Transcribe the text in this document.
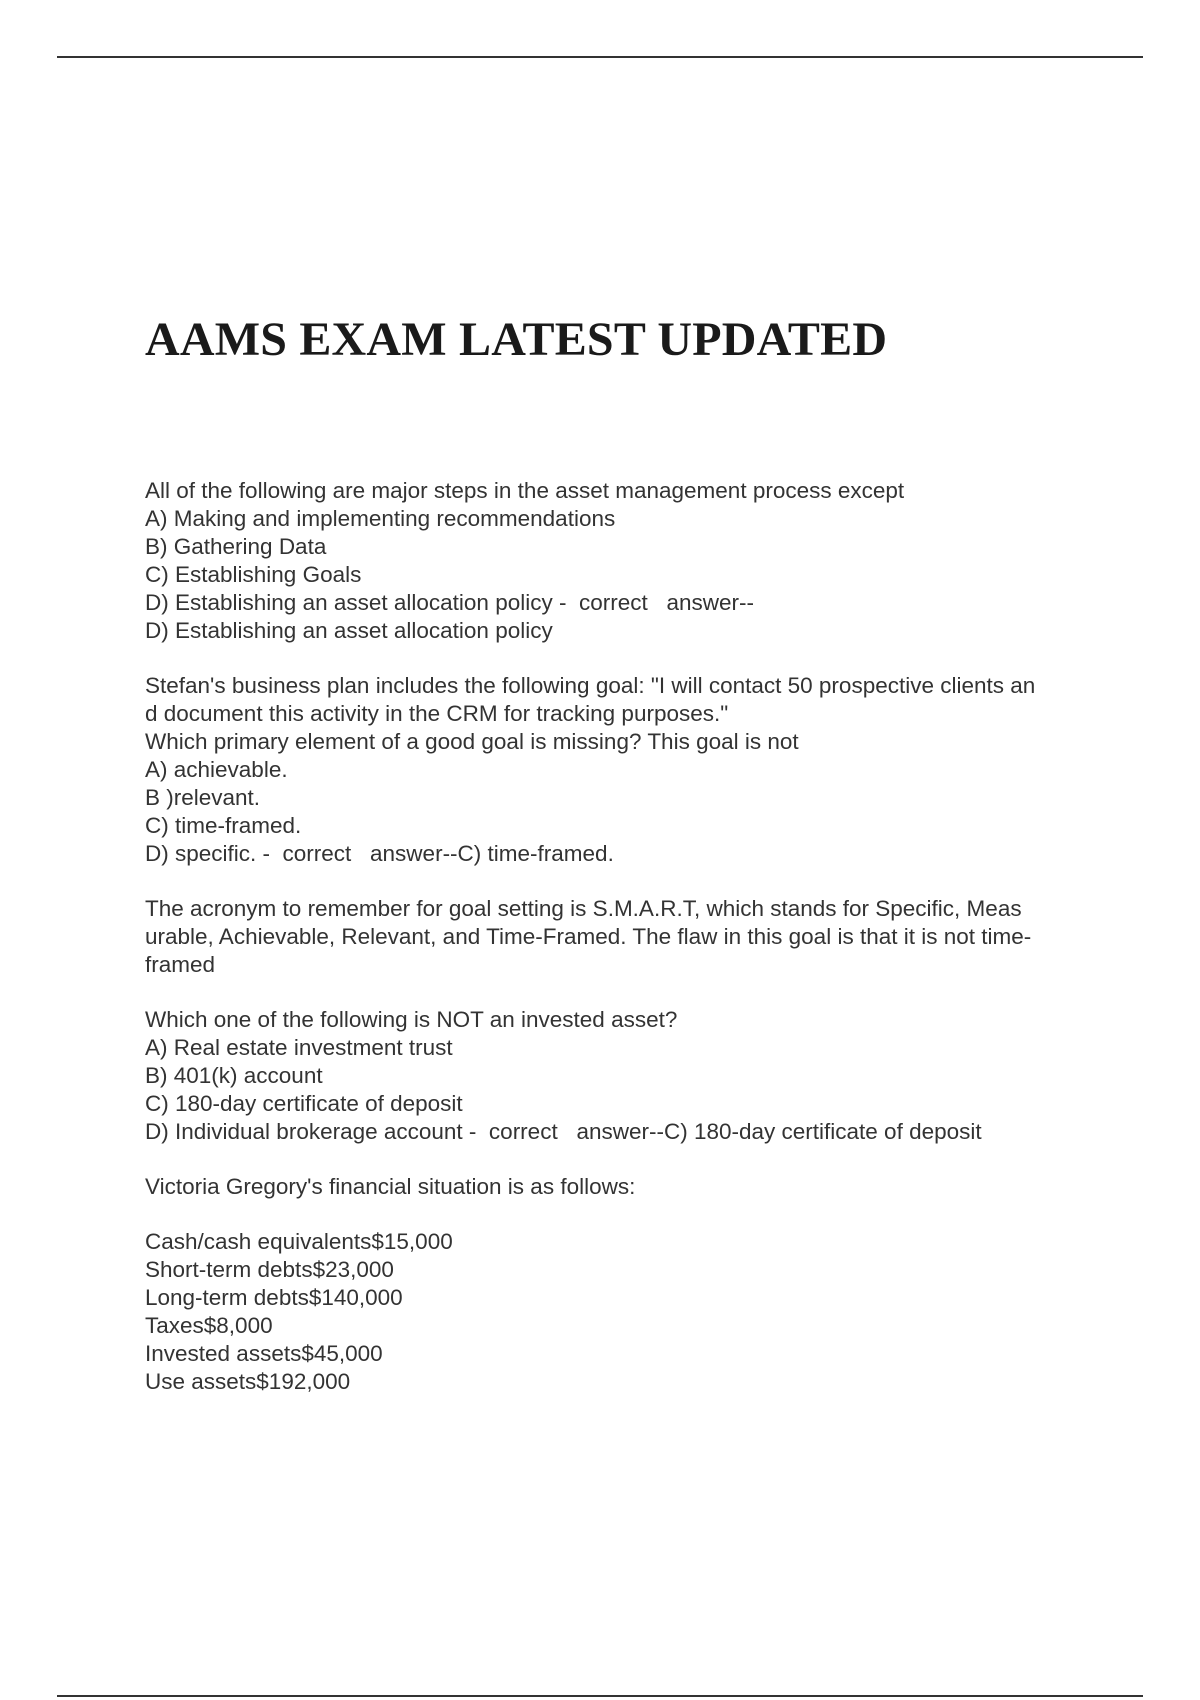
AAMS EXAM LATEST UPDATED
All of the following are major steps in the asset management process except
A) Making and implementing recommendations
B) Gathering Data
C) Establishing Goals
D) Establishing an asset allocation policy -  correct   answer--
D) Establishing an asset allocation policy
Stefan's business plan includes the following goal: "I will contact 50 prospective clients an
d document this activity in the CRM for tracking purposes."
Which primary element of a good goal is missing? This goal is not
A) achievable.
B )relevant.
C) time-framed.
D) specific. -  correct   answer--C) time-framed.
The acronym to remember for goal setting is S.M.A.R.T, which stands for Specific, Meas
urable, Achievable, Relevant, and Time-Framed. The flaw in this goal is that it is not time-
framed
Which one of the following is NOT an invested asset?
A) Real estate investment trust
B) 401(k) account
C) 180-day certificate of deposit
D) Individual brokerage account -  correct   answer--C) 180-day certificate of deposit
Victoria Gregory's financial situation is as follows:
Cash/cash equivalents$15,000
Short-term debts$23,000
Long-term debts$140,000
Taxes$8,000
Invested assets$45,000
Use assets$192,000
